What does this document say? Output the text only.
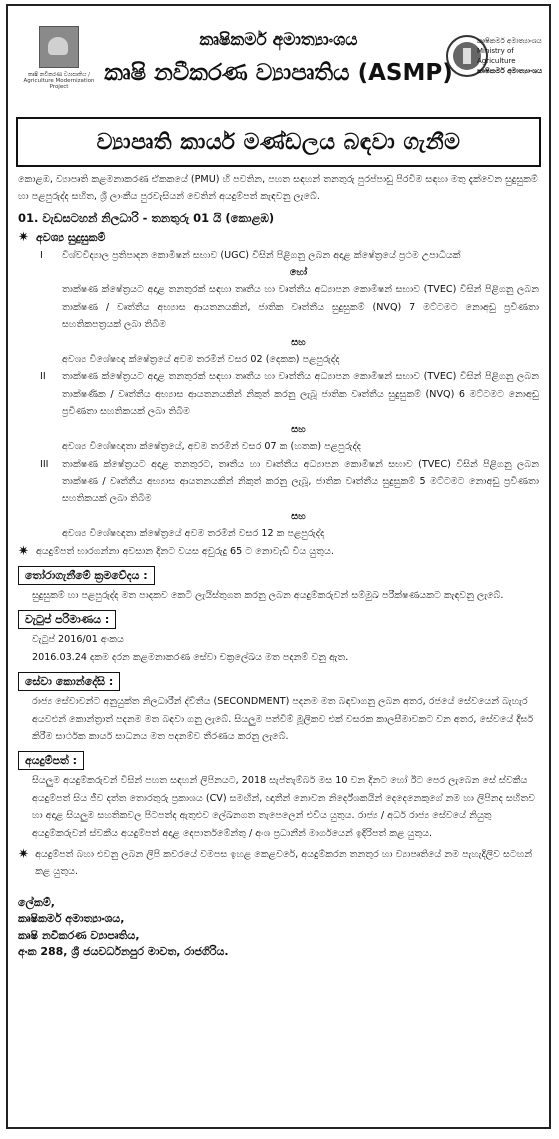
කෘෂි නවීකරණ ව්‍යාපෘතිය / Agriculture Modernization Project
කෘෂිකර්ම අමාත්‍යාංශය
කෘෂි නවීකරණ ව්‍යාපෘතිය (ASMP)
කෘෂිකර්ම අමාත්‍යාංශය
Ministry of Agriculture
කෘෂිකර්ම අමාත්‍යාංශය
ව්‍යාපෘති කාර්ය මණ්ඩලය බඳවා ගැනීම

කොළඹ, ව්‍යාපෘති කළමනාකරණ ඒකකයේ (PMU) හි පවතින, පහත සඳහන් තනතුරු පුරප්පාඩු පිරවීම සඳහා මතු දැක්වෙන සුදුසුකම් හා පළපුරුද්ද සහිත, ශ්‍රී ලාංකීය පුරවැසියන් වෙතින් අයදුම්පත් කැඳවනු ලැබේ.

01. වැඩසටහන් නිලධාරි - තනතුරු 01 යි (කොළඹ)
✷ අවශ්‍ය සුදුසුකම්
I	විශ්වවිද්‍යාල ප්‍රතිපාදන කොමිෂන් සභාව (UGC) විසින් පිළිගනු ලබන අදාළ ක්ෂේත්‍රයේ ප්‍රථම උපාධියක්
හෝ
තාක්ෂණ ක්ෂේත්‍රයට අදාළ තනතුරක් සඳහා තෘතීය හා වෘත්තීය අධ්‍යාපන කොමිෂන් සභාව (TVEC) විසින් පිළිගනු ලබන තාක්ෂණ / වෘත්තීය අභ්‍යාස ආයතනයකින්, ජාතික වෘත්තීය සුදුසුකම් (NVQ) 7 මට්ටමට නොඅඩු ප්‍රවීණතා සහතිකපත්‍රයක් ලබා තිබීම
සහ
අවශ්‍ය විශේෂඥ ක්ෂේත්‍රයේ අවම තරමින් වසර 02 (දෙකක) පළපුරුද්ද
II	තාක්ෂණ ක්ෂේත්‍රයට අදාළ තනතුරක් සඳහා තෘතීය හා වෘත්තීය අධ්‍යාපන කොමිෂන් සභාව (TVEC) විසින් පිළිගනු ලබන තාක්ෂණික / වෘත්තීය අභ්‍යාස ආයතනයකින් නිකුත් කරනු ලැබූ ජාතික වෘත්තීය සුදුසුකම් (NVQ) 6 මට්ටමට නොඅඩු ප්‍රවීණතා සහතිකයක් ලබා තිබීම
සහ
අවශ්‍ය විශේෂඥතා ක්ෂේත්‍රයේ, අවම තරමින් වසර 07 ක (හතක) පළපුරුද්ද
III	තාක්ෂණ ක්ෂේත්‍රයට අදාළ තනතුරට, තෘතීය හා වෘත්තීය අධ්‍යාපන කොමිෂන් සභාව (TVEC) විසින් පිළිගනු ලබන තාක්ෂණ / වෘත්තීය අභ්‍යාස ආයතනයකින් නිකුත් කරනු ලැබූ, ජාතික වෘත්තීය සුදුසුකම් 5 මට්ටමට නොඅඩු ප්‍රවීණතා සහතිකයක් ලබා තිබීම
සහ
අවශ්‍ය විශේෂඥතා ක්ෂේත්‍රයේ අවම තරමින් වසර 12 ක පළපුරුද්ද
✷ අයදුම්පත් භාරගන්නා අවසාන දිනට වයස අවුරුදු 65 ට නොවැඩි විය යුතුය.
තෝරාගැනීමේ ක්‍රමවේදය :

සුදුසුකම් හා පළපුරුද්ද මත පාදකව කෙටි ලැයිස්තුගත කරනු ලබන අයදුම්කරුවන් සම්මුඛ පරීක්ෂණයකට කැඳවනු ලැබේ.

වැටුප් පරිමාණය :

වැටුප් 2016/01 අංකය

2016.03.24 දකම දරන කළමනාකරණ සේවා චක්‍රලේඛය මත පදනම් වනු ඇත.

සේවා කොන්දේසි :

රාජ්‍ය සේවාවන්ට අනුයුක්ත නිලධාරීන් ද්විතීය (SECONDMENT) පදනම මත බඳවාගනු ලබන අතර, රජයේ සේවයෙන් බැහැර අයවළුන් කොන්ත්‍රාත් පදනම මත බඳවා ගනු ලැබේ. සියලුම පත්වීම් මූලිකව එක් වසරක කාලසීමාවකට වන අතර, සේවයේ දීර්ඝ කිරීම සාර්ථක කාර්ය සාධනය මත පදනම්ව තීරණය කරනු ලැබේ.

අයදුම්පත් :

සියලුම අයදුම්කරුවන් විසින් පහත සඳහන් ලිපිනයට, 2018 සැප්තැම්බර් මස 10 වන දිනට හෝ ඊට පෙර ලැබෙන සේ ස්වකීය අයදුම්පත් සිය ජීව දත්ත තොරතුරු ප්‍රකාශය (CV) සමඟින්, ඥාතීන් නොවන නිර්දේශකයින් දෙදෙනෙකුගේ නම හා ලිපිනද සහිතව හා අදාළ සියලුම සහතිකවල පිටපත්ද ඇතුළුව ලේඛනගත තැපෙලෙන් එවිය යුතුය. රාජ්‍ය / අර්ධ රාජ්‍ය සේවයේ නියුතු අයදුම්කරුවන් ස්වකීය අයදුම්පත් අදාළ දෙපාර්තමේන්තු / අංශ ප්‍රධානීන් මාර්ගයෙන් ඉදිරිපත් කළ යුතුය.

✷ අයදුම්පත් බහා එවනු ලබන ලිපි කවරයේ වමපස ඉහළ කෙළවරේ, අයදුම්කරන තනතුර හා ව්‍යාපෘතියේ නම පැහැදිලිව සටහන් කළ යුතුය.
ලේකම්,
කෘෂිකර්ම අමාත්‍යාංශය,
කෘෂි නවීකරණ ව්‍යාපෘතිය,
අංක 288, ශ්‍රී ජයවර්ධනපුර මාවත, රාජගිරිය.
